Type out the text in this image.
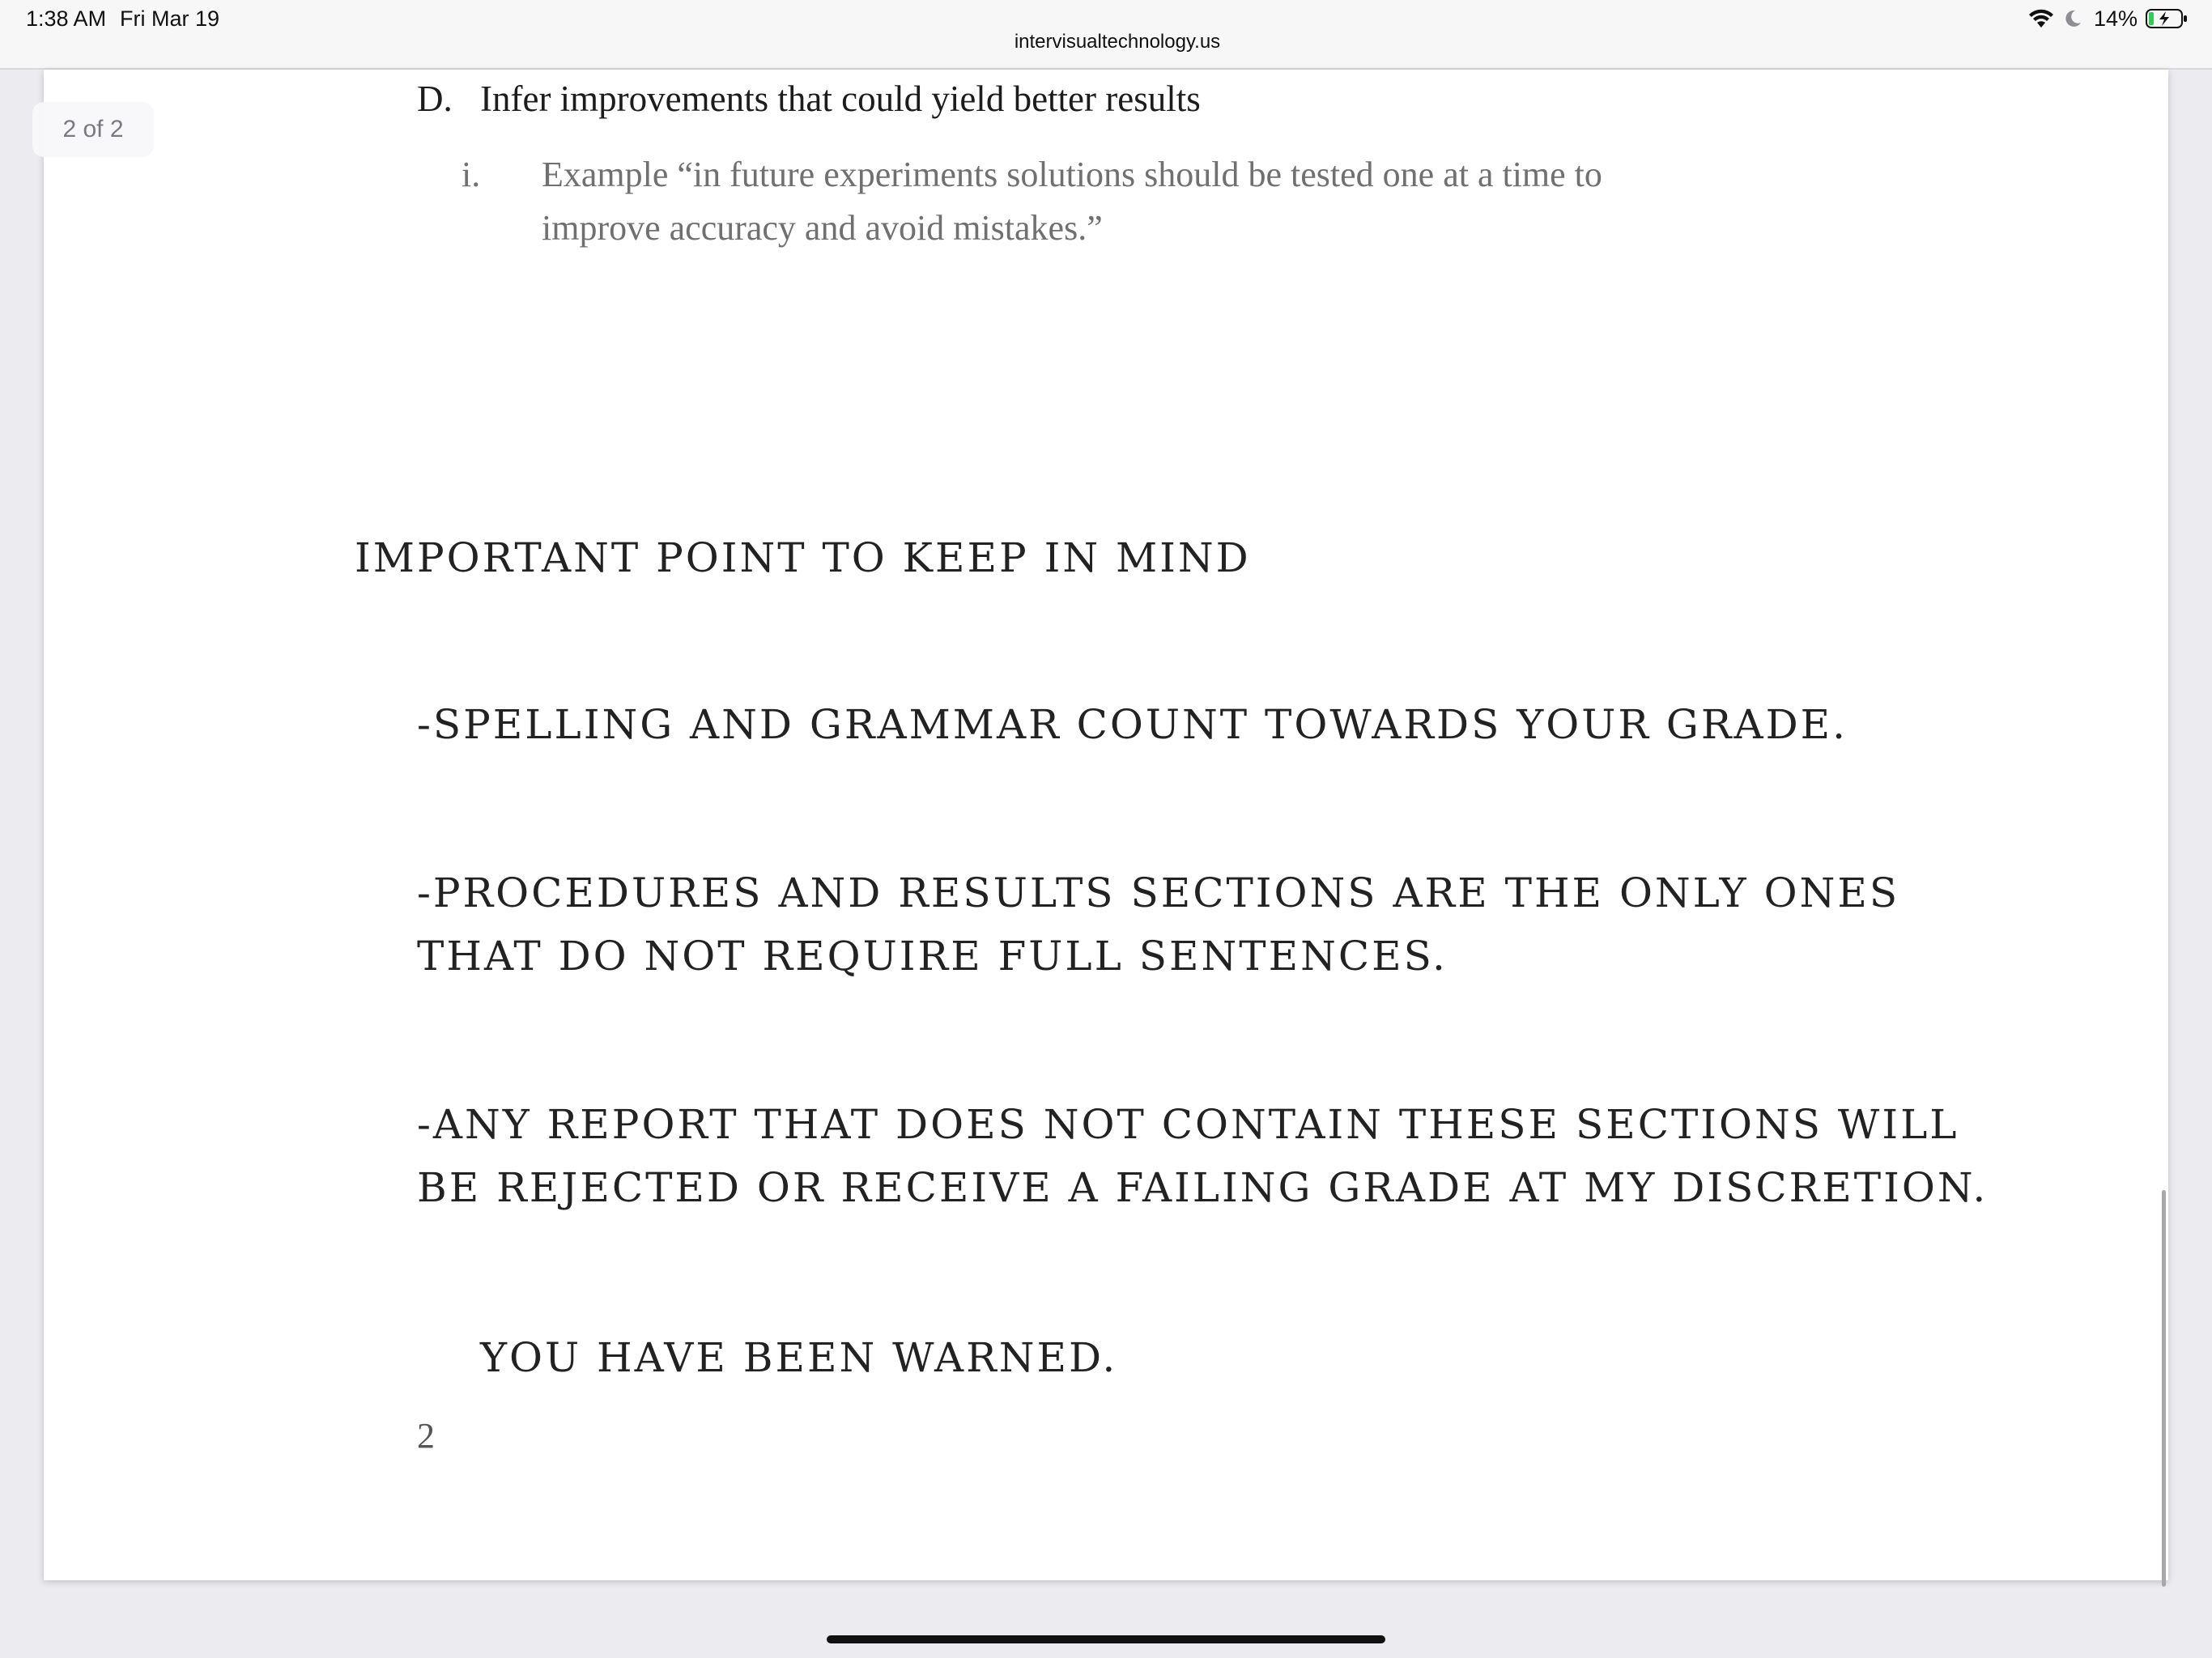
1:38 AM Fri Mar 19
intervisualtechnology.us
14%
2 of 2
D. Infer improvements that could yield better results
i. Example “in future experiments solutions should be tested one at a time to
improve accuracy and avoid mistakes.”
IMPORTANT POINT TO KEEP IN MIND
-SPELLING AND GRAMMAR COUNT TOWARDS YOUR GRADE.
-PROCEDURES AND RESULTS SECTIONS ARE THE ONLY ONES
THAT DO NOT REQUIRE FULL SENTENCES.
-ANY REPORT THAT DOES NOT CONTAIN THESE SECTIONS WILL
BE REJECTED OR RECEIVE A FAILING GRADE AT MY DISCRETION.
YOU HAVE BEEN WARNED.
2
